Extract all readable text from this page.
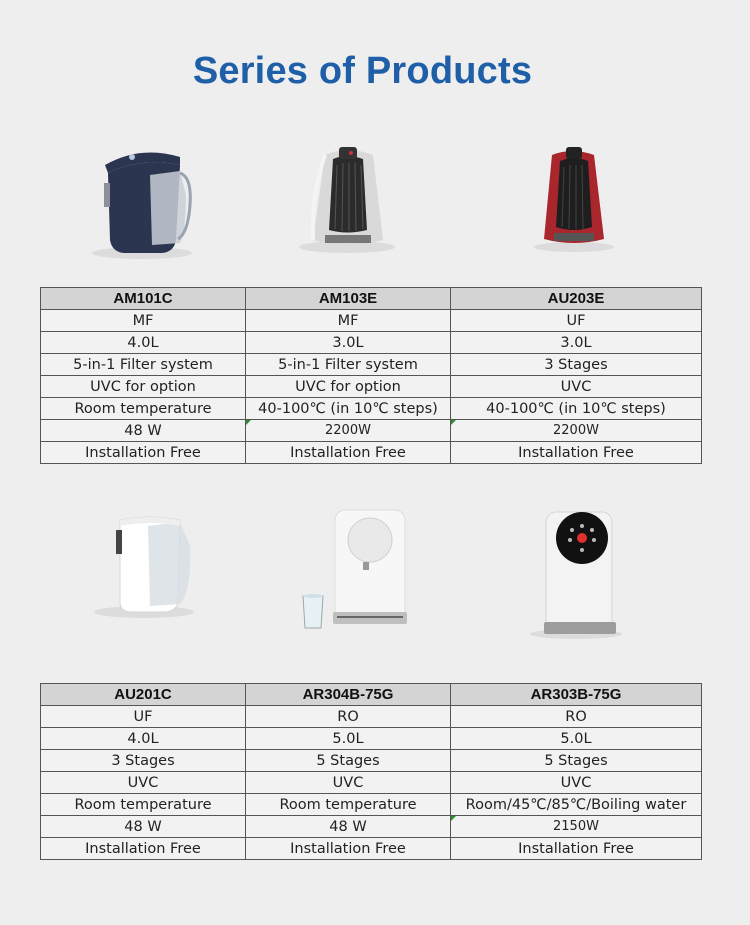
Series of Products
AM101C	AM103E	AU203E
MF	MF	UF
4.0L	3.0L	3.0L
5-in-1 Filter system	5-in-1 Filter system	3 Stages
UVC for option	UVC for option	UVC
Room temperature	40-100℃ (in 10℃ steps)	40-100℃ (in 10℃ steps)
48 W	2200W	2200W
Installation Free	Installation Free	Installation Free
AU201C	AR304B-75G	AR303B-75G
UF	RO	RO
4.0L	5.0L	5.0L
3 Stages	5 Stages	5 Stages
UVC	UVC	UVC
Room temperature	Room temperature	Room/45℃/85℃/Boiling water
48 W	48 W	2150W
Installation Free	Installation Free	Installation Free
